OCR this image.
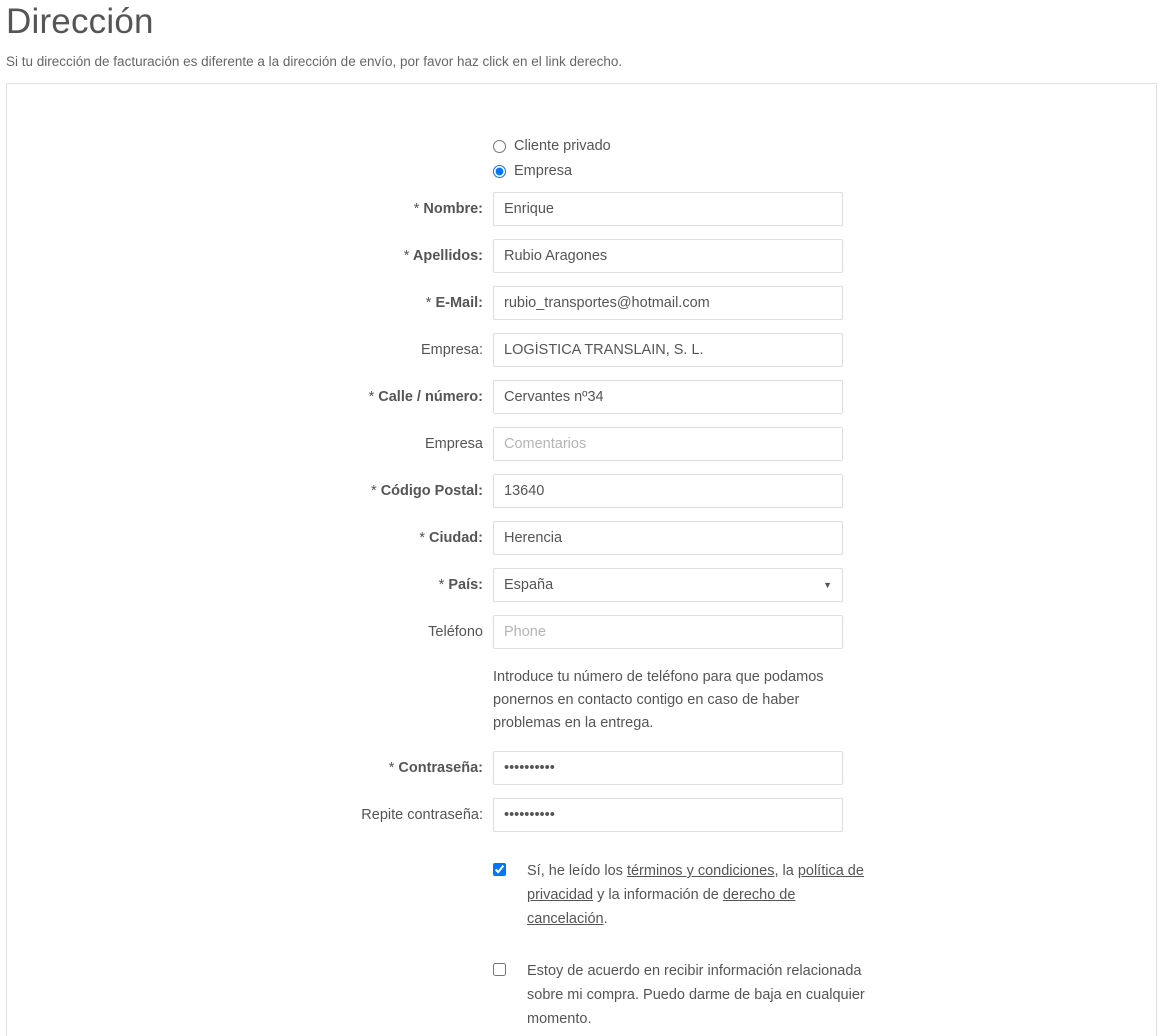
Dirección
Si tu dirección de facturación es diferente a la dirección de envío, por favor haz click en el link derecho.
Cliente privado
Empresa
* Nombre:
Enrique
* Apellidos:
Rubio Aragones
* E-Mail:
rubio_transportes@hotmail.com
Empresa:
LOGÍSTICA TRANSLAIN, S. L.
* Calle / número:
Cervantes nº34
Empresa
Comentarios
* Código Postal:
13640
* Ciudad:
Herencia
* País:
España	▼
Teléfono
Phone
Introduce tu número de teléfono para que podamos ponernos en contacto contigo en caso de haber problemas en la entrega.
* Contraseña:
••••••••••
Repite contraseña:
••••••••••
Sí, he leído los términos y condiciones, la política de privacidad y la información de derecho de cancelación.
Estoy de acuerdo en recibir información relacionada sobre mi compra. Puedo darme de baja en cualquier momento.
